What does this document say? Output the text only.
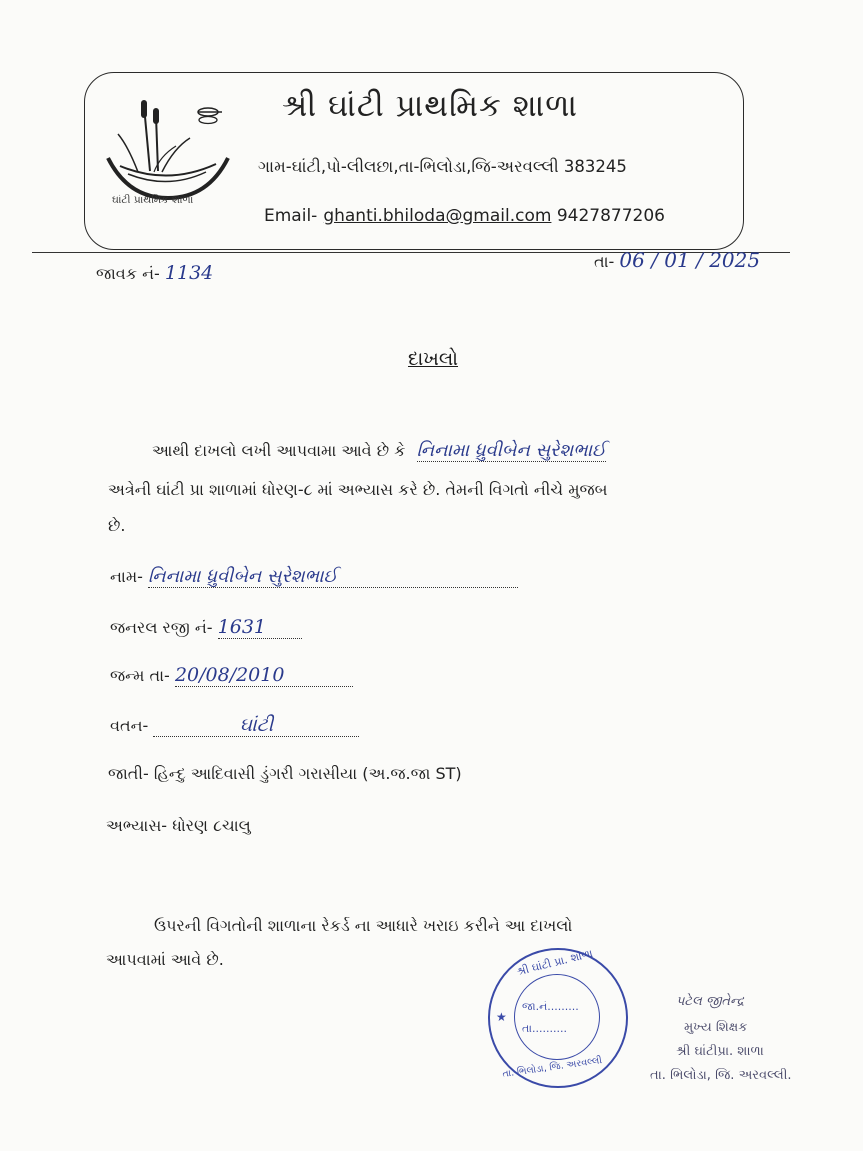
ઘાંટી પ્રાથમિક શાળા
શ્રી ઘાંટી પ્રાથમિક શાળા
ગામ-ઘાંટી,પો-લીલછા,તા-ભિલોડા,જિ-અરવલ્લી 383245
Email- ghanti.bhiloda@gmail.com 9427877206
જાવક નં- 1134
તા- 06 / 01 / 2025
દાખલો
આથી દાખલો લખી આપવામા આવે છે કે નિનામા ધ્રુવીબેન સુરેશભાઈ
અત્રેની ઘાંટી પ્રા શાળામાં ધોરણ-૮ માં અભ્યાસ કરે છે. તેમની વિગતો નીચે મુજબ
છે.
નામ- નિનામા ધ્રુવીબેન સુરેશભાઈ
જનરલ રજી નં- 1631
જન્મ તા- 20/08/2010
વતન-	ઘાંટી
જાતી- હિન્દુ આદિવાસી ડુંગરી ગરાસીયા (અ.જ.જા ST)
અભ્યાસ- ધોરણ ૮ચાલુ
ઉપરની વિગતોની શાળાના રેકર્ડ ના આધારે ખરાઇ કરીને આ દાખલો
આપવામાં આવે છે.	શ્રી ઘાંટી પ્રા. શાળા
જા.નં.........
તા..........
તા. ભિલોડા, જિ. અરવલ્લી
★
પટેલ જીતેન્દ્ર
મુખ્ય શિક્ષક
શ્રી ઘાંટીપ્રા. શાળા
તા. ભિલોડા, જિ. અરવલ્લી.
